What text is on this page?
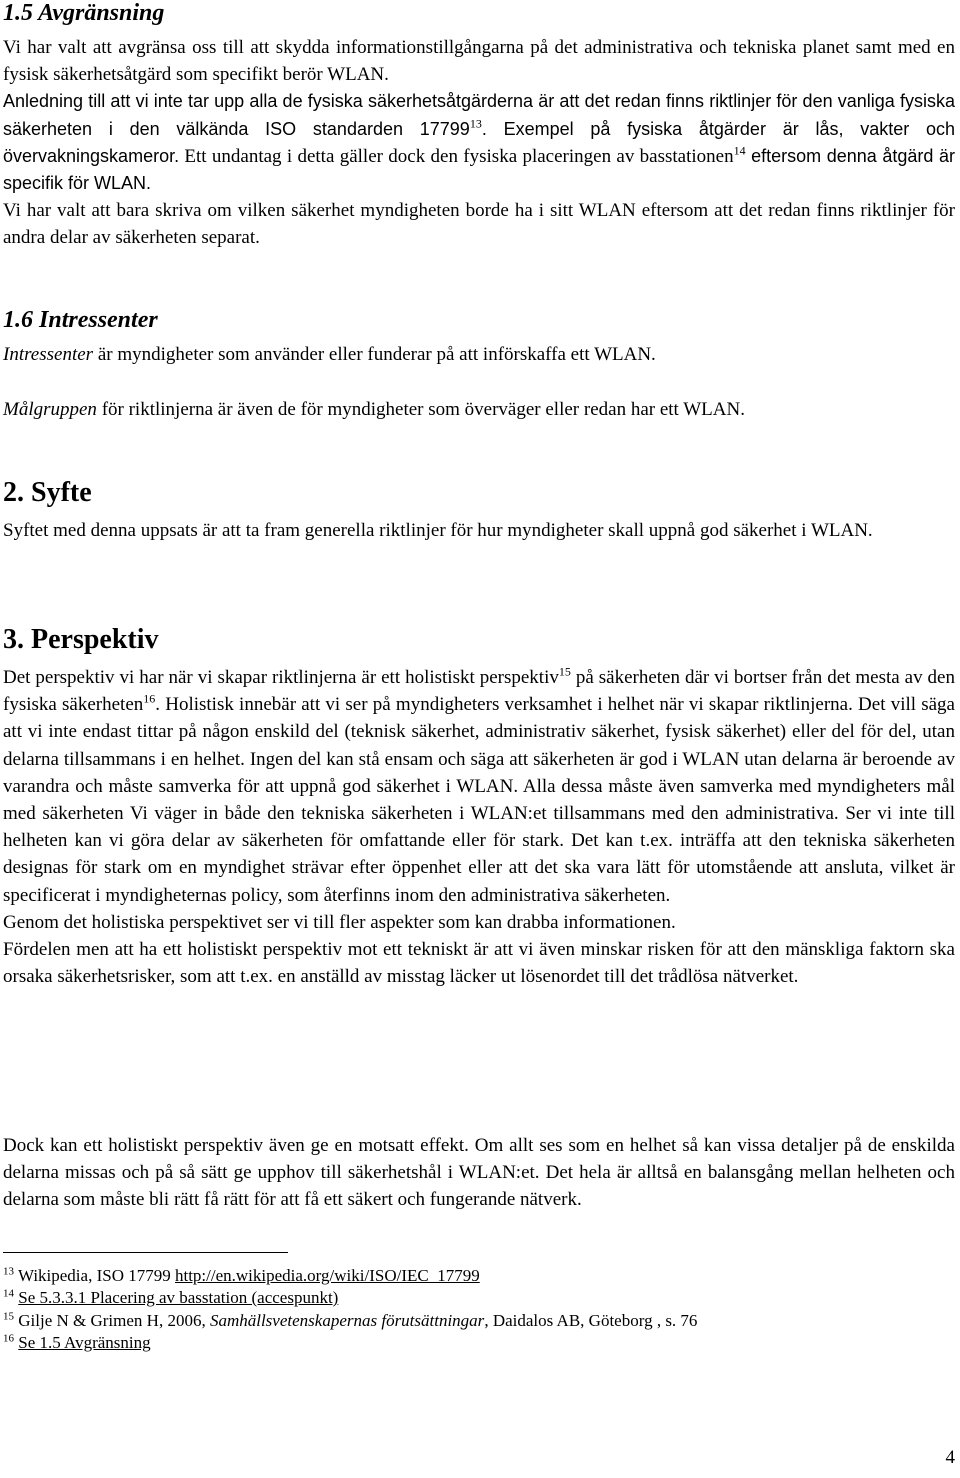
1.5 Avgränsning

Vi har valt att avgränsa oss till att skydda informationstillgångarna på det administrativa och tekniska planet samt med en fysisk säkerhetsåtgärd som specifikt berör WLAN.

Anledning till att vi inte tar upp alla de fysiska säkerhetsåtgärderna är att det redan finns riktlinjer för den vanliga fysiska säkerheten i den välkända ISO standarden 17799$^{13}$. Exempel på fysiska åtgärder är lås, vakter och övervakningskameror. Ett undantag i detta gäller dock den fysiska placeringen av basstationen$^{14}$ eftersom denna åtgärd är specifik för WLAN.

Vi har valt att bara skriva om vilken säkerhet myndigheten borde ha i sitt WLAN eftersom att det redan finns riktlinjer för andra delar av säkerheten separat.

1.6 Intressenter

Intressenter är myndigheter som använder eller funderar på att införskaffa ett WLAN.

Målgruppen för riktlinjerna är även de för myndigheter som överväger eller redan har ett WLAN.

2. Syfte

Syftet med denna uppsats är att ta fram generella riktlinjer för hur myndigheter skall uppnå god säkerhet i WLAN.

3. Perspektiv

Det perspektiv vi har när vi skapar riktlinjerna är ett holistiskt perspektiv$^{15}$ på säkerheten där vi bortser från det mesta av den fysiska säkerheten$^{16}$. Holistisk innebär att vi ser på myndigheters verksamhet i helhet när vi skapar riktlinjerna. Det vill säga att vi inte endast tittar på någon enskild del (teknisk säkerhet, administrativ säkerhet, fysisk säkerhet) eller del för del, utan delarna tillsammans i en helhet. Ingen del kan stå ensam och säga att säkerheten är god i WLAN utan delarna är beroende av varandra och måste samverka för att uppnå god säkerhet i WLAN. Alla dessa måste även samverka med myndigheters mål med säkerheten Vi väger in både den tekniska säkerheten i WLAN:et tillsammans med den administrativa. Ser vi inte till helheten kan vi göra delar av säkerheten för omfattande eller för stark. Det kan t.ex. inträffa att den tekniska säkerheten designas för stark om en myndighet strävar efter öppenhet eller att det ska vara lätt för utomstående att ansluta, vilket är specificerat i myndigheternas policy, som återfinns inom den administrativa säkerheten.

Genom det holistiska perspektivet ser vi till fler aspekter som kan drabba informationen.

Fördelen men att ha ett holistiskt perspektiv mot ett tekniskt är att vi även minskar risken för att den mänskliga faktorn ska orsaka säkerhetsrisker, som att t.ex. en anställd av misstag läcker ut lösenordet till det trådlösa nätverket.

Dock kan ett holistiskt perspektiv även ge en motsatt effekt. Om allt ses som en helhet så kan vissa detaljer på de enskilda delarna missas och på så sätt ge upphov till säkerhetshål i WLAN:et. Det hela är alltså en balansgång mellan helheten och delarna som måste bli rätt få rätt för att få ett säkert och fungerande nätverk.

$^{13}$ Wikipedia, ISO 17799 http://en.wikipedia.org/wiki/ISO/IEC_17799
$^{14}$ Se 5.3.3.1 Placering av basstation (accespunkt)
$^{15}$ Gilje N & Grimen H, 2006, Samhällsvetenskapernas förutsättningar, Daidalos AB, Göteborg , s. 76
$^{16}$ Se 1.5 Avgränsning
4
